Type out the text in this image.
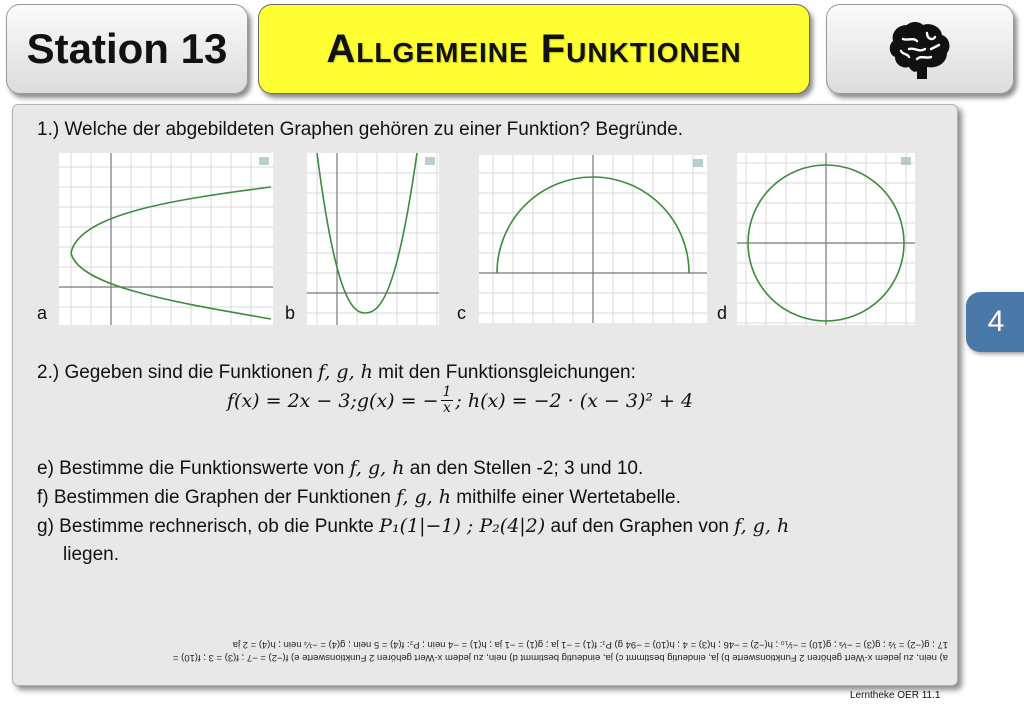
Station 13 Allgemeine Funktionen
1.) Welche der abgebildeten Graphen gehören zu einer Funktion? Begründe.
a	b	c	d
2.) Gegeben sind die Funktionen f, g, h mit den Funktionsgleichungen:
f(x) = 2x − 3; g(x) = − $\frac{1}{x}$ ; h(x) = −2 · (x − 3)² + 4
e) Bestimme die Funktionswerte von f, g, h an den Stellen -2; 3 und 10.
f) Bestimmen die Graphen der Funktionen f, g, h mithilfe einer Wertetabelle.
g) Bestimme rechnerisch, ob die Punkte P₁(1|−1) ; P₂(4|2) auf den Graphen von f, g, h
liegen.
a) nein, zu jedem x-Wert gehören 2 Funktionswerte b) ja, eindeutig bestimmt c) ja, eindeutig bestimmt d) nein, zu jedem x-Wert gehören 2 Funktionswerte e) f(−2) = −7 ; f(3) = 3 ; f(10) =
17 ; g(−2) = ½ ; g(3) = −⅓ ; g(10) = −¹⁄₁₀ ; h(−2) = −46 ; h(3) = 4 ; h(10) = −94 g) P₁: f(1) = −1 ja ; g(1) = −1 ja ; h(1) = −4 nein ; P₂: f(4) = 5 nein ; g(4) = −¼ nein ; h(4) = 2 ja
4
Lerntheke OER 11.1
